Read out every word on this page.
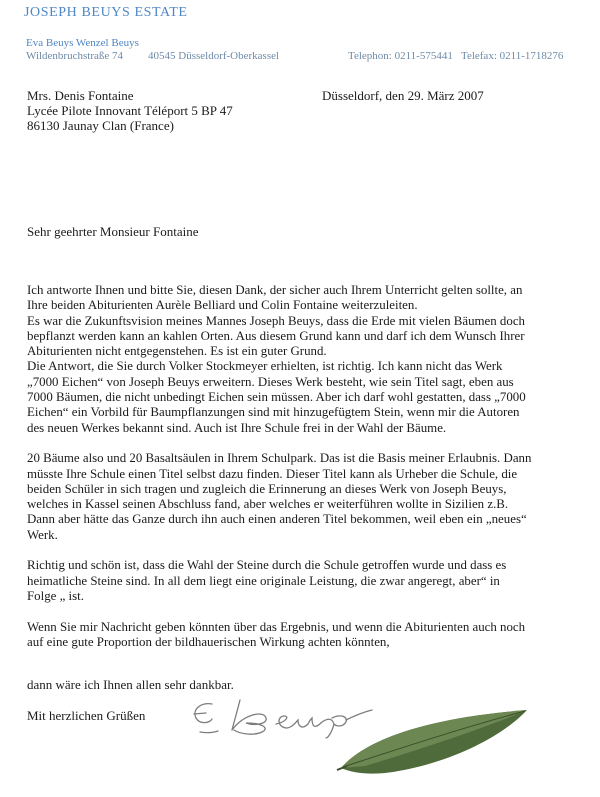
JOSEPH BEUYS ESTATE
Eva Beuys Wenzel Beuys
Wildenbruchstraße 74 40545 Düsseldorf-Oberkassel	Telephon: 0211-575441 Telefax: 0211-1718276
Mrs. Denis Fontaine
Lycée Pilote Innovant Téléport 5 BP 47
86130 Jaunay Clan (France)
Düsseldorf, den 29. März 2007
Sehr geehrter Monsieur Fontaine

Ich antworte Ihnen und bitte Sie, diesen Dank, der sicher auch Ihrem Unterricht gelten sollte, an
Ihre beiden Abiturienten Aurèle Belliard und Colin Fontaine weiterzuleiten.
Es war die Zukunftsvision meines Mannes Joseph Beuys, dass die Erde mit vielen Bäumen doch
bepflanzt werden kann an kahlen Orten. Aus diesem Grund kann und darf ich dem Wunsch Ihrer
Abiturienten nicht entgegenstehen. Es ist ein guter Grund.
Die Antwort, die Sie durch Volker Stockmeyer erhielten, ist richtig. Ich kann nicht das Werk
„7000 Eichen“ von Joseph Beuys erweitern. Dieses Werk besteht, wie sein Titel sagt, eben aus
7000 Bäumen, die nicht unbedingt Eichen sein müssen. Aber ich darf wohl gestatten, dass „7000
Eichen“ ein Vorbild für Baumpflanzungen sind mit hinzugefügtem Stein, wenn mir die Autoren
des neuen Werkes bekannt sind. Auch ist Ihre Schule frei in der Wahl der Bäume.

20 Bäume also und 20 Basaltsäulen in Ihrem Schulpark. Das ist die Basis meiner Erlaubnis. Dann
müsste Ihre Schule einen Titel selbst dazu finden. Dieser Titel kann als Urheber die Schule, die
beiden Schüler in sich tragen und zugleich die Erinnerung an dieses Werk von Joseph Beuys,
welches in Kassel seinen Abschluss fand, aber welches er weiterführen wollte in Sizilien z.B.
Dann aber hätte das Ganze durch ihn auch einen anderen Titel bekommen, weil eben ein „neues“
Werk.

Richtig und schön ist, dass die Wahl der Steine durch die Schule getroffen wurde und dass es
heimatliche Steine sind. In all dem liegt eine originale Leistung, die zwar angeregt, aber“ in
Folge „ ist.

Wenn Sie mir Nachricht geben könnten über das Ergebnis, und wenn die Abiturienten auch noch
auf eine gute Proportion der bildhauerischen Wirkung achten könnten,

dann wäre ich Ihnen allen sehr dankbar.
Mit herzlichen Grüßen
